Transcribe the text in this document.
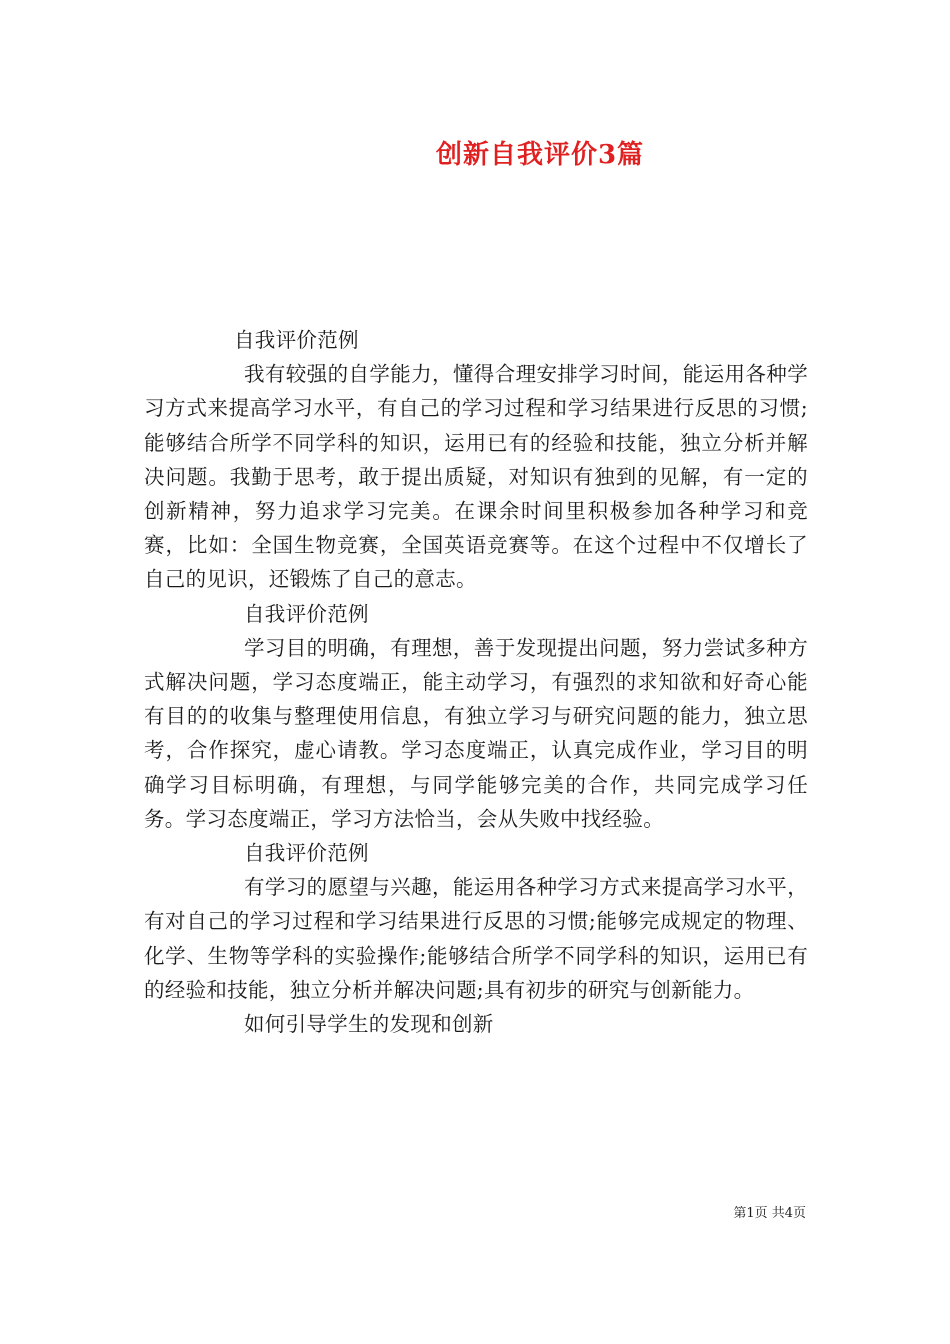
创新自我评价3篇

自我评价范例

我有较强的自学能力，懂得合理安排学习时间，能运用各种学习方式来提高学习水平，有自己的学习过程和学习结果进行反思的习惯;能够结合所学不同学科的知识，运用已有的经验和技能，独立分析并解决问题。我勤于思考，敢于提出质疑，对知识有独到的见解，有一定的创新精神，努力追求学习完美。在课余时间里积极参加各种学习和竞赛，比如：全国生物竞赛，全国英语竞赛等。在这个过程中不仅增长了自己的见识，还锻炼了自己的意志。

自我评价范例

学习目的明确，有理想，善于发现提出问题，努力尝试多种方式解决问题，学习态度端正，能主动学习，有强烈的求知欲和好奇心能有目的的收集与整理使用信息，有独立学习与研究问题的能力，独立思考，合作探究，虚心请教。学习态度端正，认真完成作业，学习目的明确学习目标明确，有理想，与同学能够完美的合作，共同完成学习任务。学习态度端正，学习方法恰当，会从失败中找经验。

自我评价范例

有学习的愿望与兴趣，能运用各种学习方式来提高学习水平，有对自己的学习过程和学习结果进行反思的习惯;能够完成规定的物理、化学、生物等学科的实验操作;能够结合所学不同学科的知识，运用已有的经验和技能，独立分析并解决问题;具有初步的研究与创新能力。

如何引导学生的发现和创新

第1页 共4页
